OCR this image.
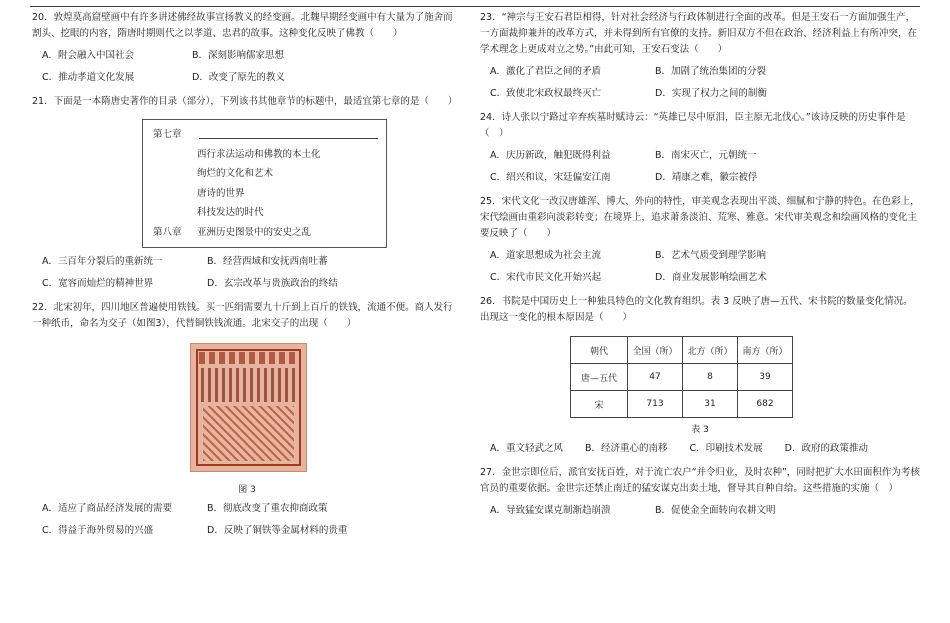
20．敦煌莫高窟壁画中有许多讲述佛经故事宣扬教义的经变画。北魏早期经变画中有大量为了施舍而割头、挖眼的内容，隋唐时期则代之以孝道、忠君的故事。这种变化反映了佛教（　　）

A．附会融入中国社会	B．深刻影响儒家思想
C．推动孝道文化发展	D．改变了原先的教义

21．下面是一本隋唐史著作的目录（部分），下列该书其他章节的标题中，最适宜第七章的是（　　）

第七章
西行求法运动和佛教的本土化
绚烂的文化和艺术
唐诗的世界
科技发达的时代
第八章	亚洲历史图景中的安史之乱
A．三百年分裂后的重新统一	B．经营西域和安抚西南吐蕃
C．宽容而灿烂的精神世界	D．玄宗改革与贵族政治的终结

22．北宋初年，四川地区普遍使用铁钱。买一匹绢需要九十斤到上百斤的铁钱，流通不便。商人发行一种纸币，命名为交子（如图3），代替铜铁钱流通。北宋交子的出现（　　）

图 3
A．适应了商品经济发展的需要	B．彻底改变了重农抑商政策
C．得益于海外贸易的兴盛	D．反映了铜铁等金属材料的贵重

23．“神宗与王安石君臣相得，针对社会经济与行政体制进行全面的改革。但是王安石一方面加强生产，一方面裁抑兼并的改革方式，并未得到所有官僚的支持。新旧双方不但在政治、经济利益上有所冲突，在学术理念上更成对立之势。”由此可知，王安石变法（　　）

A．激化了君臣之间的矛盾	B．加剧了统治集团的分裂
C．致使北宋政权最终灭亡	D．实现了权力之间的制衡

24．诗人张以宁路过辛弃疾墓时赋诗云：“英雄已尽中原泪，臣主原无北伐心。”该诗反映的历史事件是（　）

A．庆历新政，触犯既得利益	B．南宋灭亡，元朝统一
C．绍兴和议，宋廷偏安江南	D．靖康之难，徽宗被俘

25．宋代文化一改汉唐雄浑、博大、外向的特性，审美观念表现出平淡、细腻和宁静的特色。在色彩上，宋代绘画由重彩向淡彩转变；在境界上，追求萧条淡泊、荒寒、雅意。宋代审美观念和绘画风格的变化主要反映了（　　）

A．道家思想成为社会主流	B．艺术气质受到理学影响
C．宋代市民文化开始兴起	D．商业发展影响绘画艺术

26．书院是中国历史上一种独具特色的文化教育组织。表 3 反映了唐—五代、宋书院的数量变化情况。出现这一变化的根本原因是（　　）

朝代	全国（所）	北方（所）	南方（所）
唐—五代	47	8	39
宋	713	31	682
表 3
A．重文轻武之风 B．经济重心的南移 C．印刷技术发展 D．政府的政策推动

27．金世宗即位后，派官安抚百姓，对于流亡农户“并令归业，及时农种”，同时把扩大水田面积作为考核官员的重要依据。金世宗还禁止南迁的猛安谋克出卖土地，督导其自种自给。这些措施的实施（　）

A．导致猛安谋克制渐趋崩溃	B．促使金全面转向农耕文明
